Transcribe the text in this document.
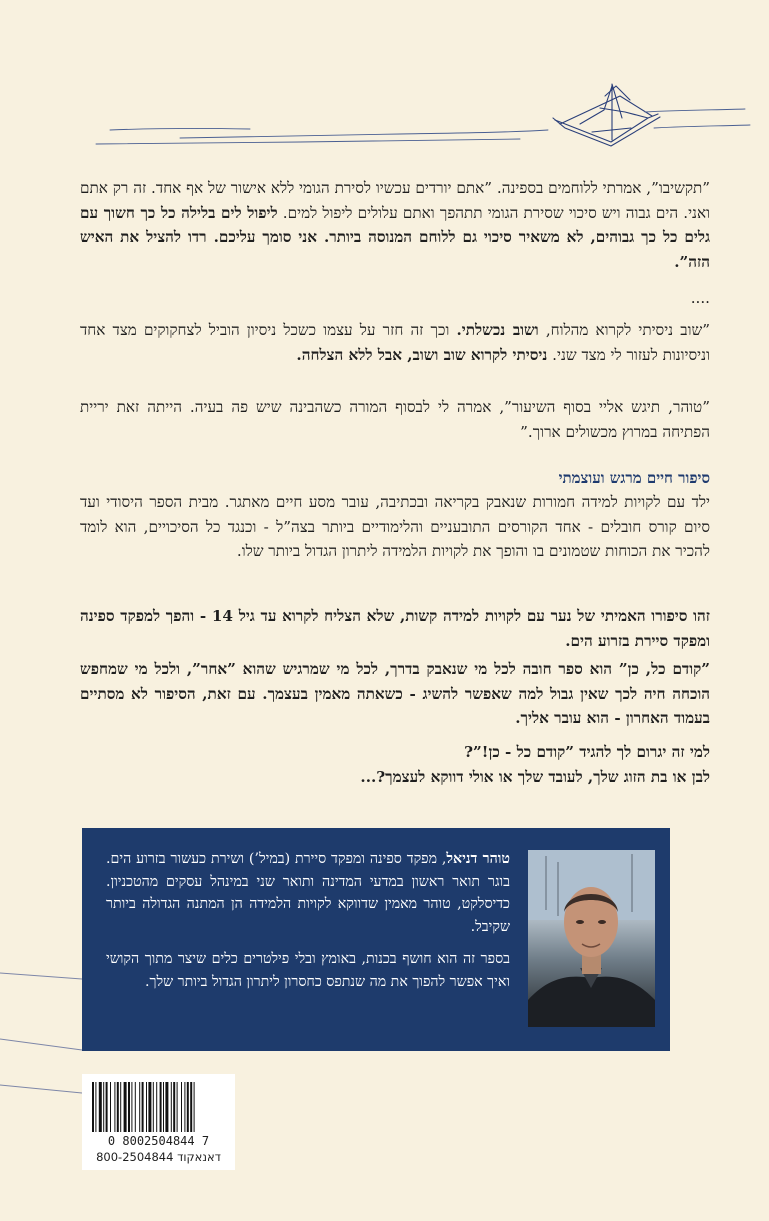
”תקשיבו”, אמרתי ללוחמים בספינה. ”אתם יורדים עכשיו לסירת הגומי ללא אישור של אף אחד. זה רק אתם ואני. הים גבוה ויש סיכוי שסירת הגומי תתהפך ואתם עלולים ליפול למים. ליפול לים בלילה כל כך חשוך עם גלים כל כך גבוהים, לא משאיר סיכוי גם ללוחם המנוסה ביותר. אני סומך עליכם. רדו להציל את האיש הזה”.

....

”שוב ניסיתי לקרוא מהלוח, ושוב נכשלתי. וכך זה חזר על עצמו כשכל ניסיון הוביל לצחקוקים מצד אחד וניסיונות לעזור לי מצד שני. ניסיתי לקרוא שוב ושוב, אבל ללא הצלחה.

”טוהר, תיגש אליי בסוף השיעור”, אמרה לי לבסוף המורה כשהבינה שיש פה בעיה. הייתה זאת יריית הפתיחה במרוץ מכשולים ארוך.”

סיפור חיים מרגש ועוצמתי

ילד עם לקויות למידה חמורות שנאבק בקריאה ובכתיבה, עובר מסע חיים מאתגר. מבית הספר היסודי ועד סיום קורס חובלים - אחד הקורסים התובעניים והלימודיים ביותר בצה”ל - וכנגד כל הסיכויים, הוא לומד להכיר את הכוחות שטמונים בו והופך את לקויות הלמידה ליתרון הגדול ביותר שלו.

זהו סיפורו האמיתי של נער עם לקויות למידה קשות, שלא הצליח לקרוא עד גיל 14 - והפך למפקד ספינה ומפקד סיירת בזרוע הים.

”קודם כל, כן” הוא ספר חובה לכל מי שנאבק בדרך, לכל מי שמרגיש שהוא ”אחר”, ולכל מי שמחפש הוכחה חיה לכך שאין גבול למה שאפשר להשיג - כשאתה מאמין בעצמך. עם זאת, הסיפור לא מסתיים בעמוד האחרון - הוא עובר אליך.

למי זה יגרום לך להגיד ”קודם כל - כן!”?

לבן או בת הזוג שלך, לעובד שלך או אולי דווקא לעצמך?...

טוהר דניאל, מפקד ספינה ומפקד סיירת (במיל’) ושירת כעשור בזרוע הים. בוגר תואר ראשון במדעי המדינה ותואר שני במינהל עסקים מהטכניון. כדיסלקט, טוהר מאמין שדווקא לקויות הלמידה הן המתנה הגדולה ביותר שקיבל.

בספר זה הוא חושף בכנות, באומץ ובלי פילטרים כלים שיצר מתוך הקושי ואיך אפשר להפוך את מה שנתפס כחסרון ליתרון הגדול ביותר שלך.

0 8002504844 7
800-2504844 דאנאקוד
